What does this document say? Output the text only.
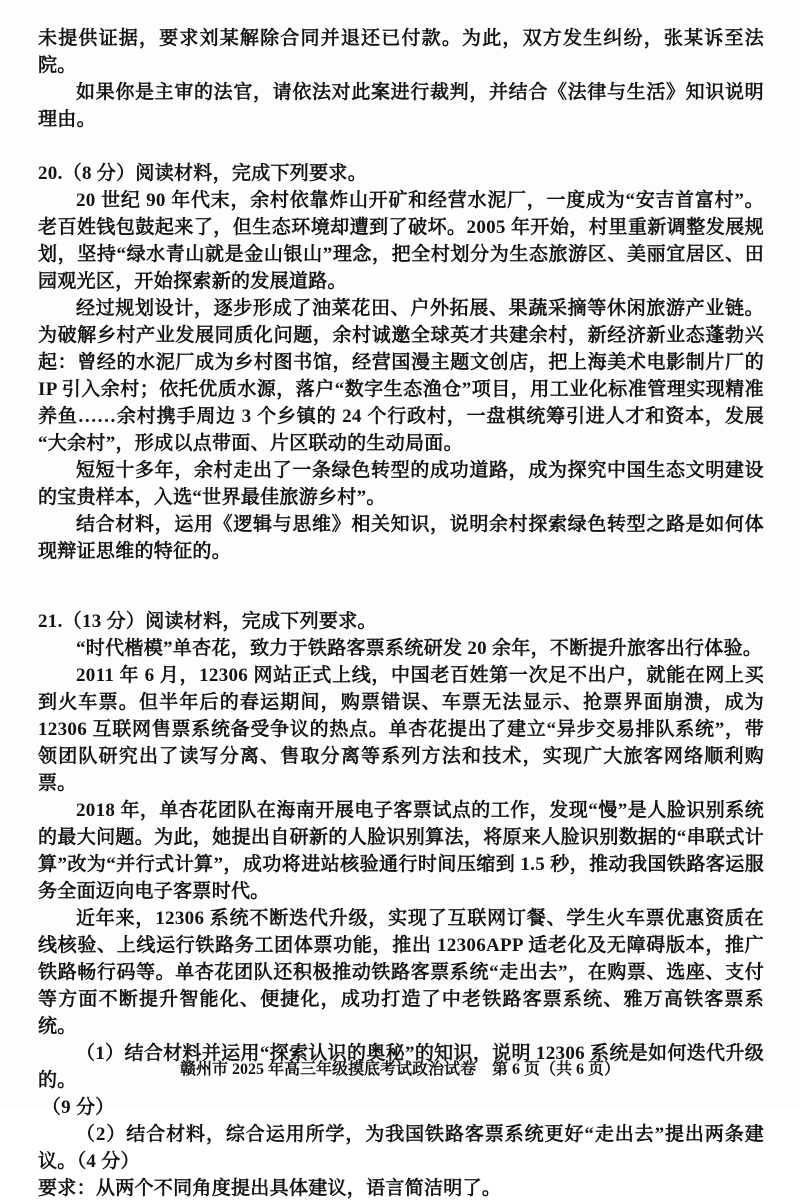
未提供证据，要求刘某解除合同并退还已付款。为此，双方发生纠纷，张某诉至法院。

如果你是主审的法官，请依法对此案进行裁判，并结合《法律与生活》知识说明理由。

20.（8 分）阅读材料，完成下列要求。

20 世纪 90 年代末，余村依靠炸山开矿和经营水泥厂，一度成为“安吉首富村”。老百姓钱包鼓起来了，但生态环境却遭到了破坏。2005 年开始，村里重新调整发展规划，坚持“绿水青山就是金山银山”理念，把全村划分为生态旅游区、美丽宜居区、田园观光区，开始探索新的发展道路。

经过规划设计，逐步形成了油菜花田、户外拓展、果蔬采摘等休闲旅游产业链。为破解乡村产业发展同质化问题，余村诚邀全球英才共建余村，新经济新业态蓬勃兴起：曾经的水泥厂成为乡村图书馆，经营国漫主题文创店，把上海美术电影制片厂的 IP 引入余村；依托优质水源，落户“数字生态渔仓”项目，用工业化标准管理实现精准养鱼……余村携手周边 3 个乡镇的 24 个行政村，一盘棋统筹引进人才和资本，发展“大余村”，形成以点带面、片区联动的生动局面。

短短十多年，余村走出了一条绿色转型的成功道路，成为探究中国生态文明建设的宝贵样本，入选“世界最佳旅游乡村”。

结合材料，运用《逻辑与思维》相关知识，说明余村探索绿色转型之路是如何体现辩证思维的特征的。

21.（13 分）阅读材料，完成下列要求。

“时代楷模”单杏花，致力于铁路客票系统研发 20 余年，不断提升旅客出行体验。

2011 年 6 月，12306 网站正式上线，中国老百姓第一次足不出户，就能在网上买到火车票。但半年后的春运期间，购票错误、车票无法显示、抢票界面崩溃，成为 12306 互联网售票系统备受争议的热点。单杏花提出了建立“异步交易排队系统”，带领团队研究出了读写分离、售取分离等系列方法和技术，实现广大旅客网络顺利购票。

2018 年，单杏花团队在海南开展电子客票试点的工作，发现“慢”是人脸识别系统的最大问题。为此，她提出自研新的人脸识别算法，将原来人脸识别数据的“串联式计算”改为“并行式计算”，成功将进站核验通行时间压缩到 1.5 秒，推动我国铁路客运服务全面迈向电子客票时代。

近年来，12306 系统不断迭代升级，实现了互联网订餐、学生火车票优惠资质在线核验、上线运行铁路务工团体票功能，推出 12306APP 适老化及无障碍版本，推广铁路畅行码等。单杏花团队还积极推动铁路客票系统“走出去”，在购票、选座、支付等方面不断提升智能化、便捷化，成功打造了中老铁路客票系统、雅万高铁客票系统。

（1）结合材料并运用“探索认识的奥秘”的知识，说明 12306 系统是如何迭代升级的。

（9 分）

（2）结合材料，综合运用所学，为我国铁路客票系统更好“走出去”提出两条建议。（4 分）

要求：从两个不同角度提出具体建议，语言简洁明了。

赣州市 2025 年高三年级摸底考试政治试卷　第 6 页（共 6 页）
